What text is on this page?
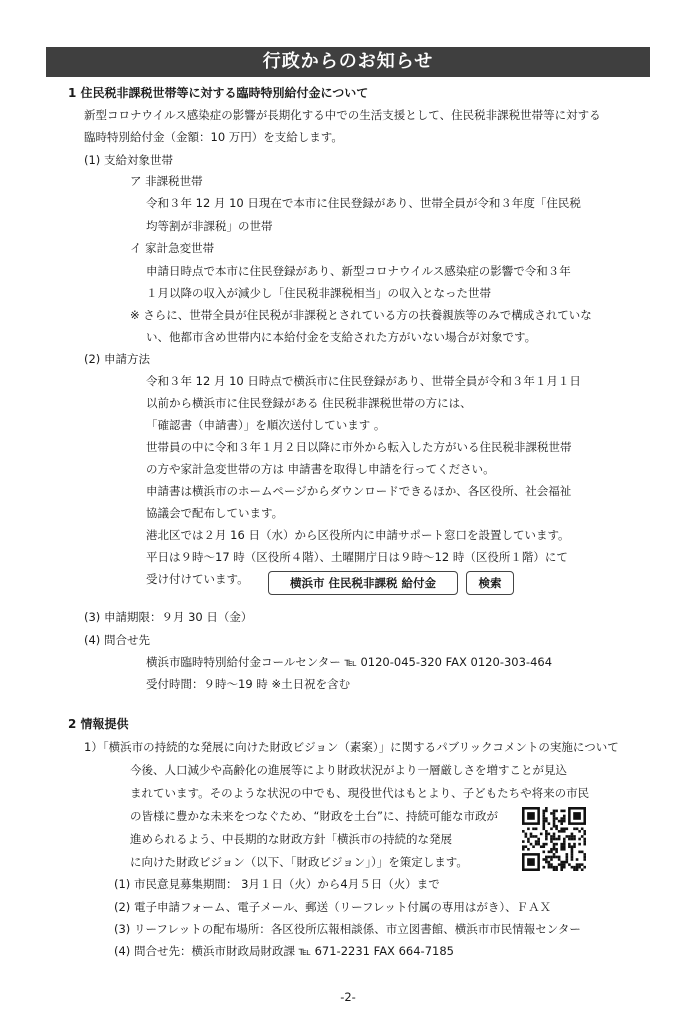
行政からのお知らせ
1 住民税非課税世帯等に対する臨時特別給付金について
新型コロナウイルス感染症の影響が長期化する中での生活支援として、住民税非課税世帯等に対する
臨時特別給付金（金額：10 万円）を支給します。
(1) 支給対象世帯
ア 非課税世帯
令和３年 12 月 10 日現在で本市に住民登録があり、世帯全員が令和３年度「住民税
均等割が非課税」の世帯
イ 家計急変世帯
申請日時点で本市に住民登録があり、新型コロナウイルス感染症の影響で令和３年
１月以降の収入が減少し「住民税非課税相当」の収入となった世帯
※ さらに、世帯全員が住民税が非課税とされている方の扶養親族等のみで構成されていな
い、他都市含め世帯内に本給付金を支給された方がいない場合が対象です。
(2) 申請方法
令和３年 12 月 10 日時点で横浜市に住民登録があり、世帯全員が令和３年１月１日
以前から横浜市に住民登録がある 住民税非課税世帯の方には、
「確認書（申請書）」を順次送付しています 。
世帯員の中に令和３年１月２日以降に市外から転入した方がいる住民税非課税世帯
の方や家計急変世帯の方は 申請書を取得し申請を行ってください。
申請書は横浜市のホームページからダウンロードできるほか、各区役所、社会福祉
協議会で配布しています。
港北区では２月 16 日（水）から区役所内に申請サポート窓口を設置しています。
平日は９時～17 時（区役所４階）、土曜開庁日は９時～12 時（区役所１階）にて
受け付けています。	横浜市 住民税非課税 給付金	検索
(3) 申請期限：９月 30 日（金）
(4) 問合せ先
横浜市臨時特別給付金コールセンター ℡ 0120-045-320 FAX 0120-303-464
受付時間：９時～19 時 ※土日祝を含む
2 情報提供
1）「横浜市の持続的な発展に向けた財政ビジョン（素案）」に関するパブリックコメントの実施について
今後、人口減少や高齢化の進展等により財政状況がより一層厳しさを増すことが見込
まれています。そのような状況の中でも、現役世代はもとより、子どもたちや将来の市民
の皆様に豊かな未来をつなぐため、“財政を土台”に、持続可能な市政が
進められるよう、中長期的な財政方針「横浜市の持続的な発展
に向けた財政ビジョン（以下、「財政ビジョン」）」を策定します。
(1) 市民意見募集期間： 3月１日（火）から4月５日（火）まで
(2) 電子申請フォーム、電子メール、郵送（リーフレット付属の専用はがき）、ＦＡＸ
(3) リーフレットの配布場所：各区役所広報相談係、市立図書館、横浜市市民情報センター
(4) 問合せ先：横浜市財政局財政課 ℡ 671-2231 FAX 664-7185
-2-
